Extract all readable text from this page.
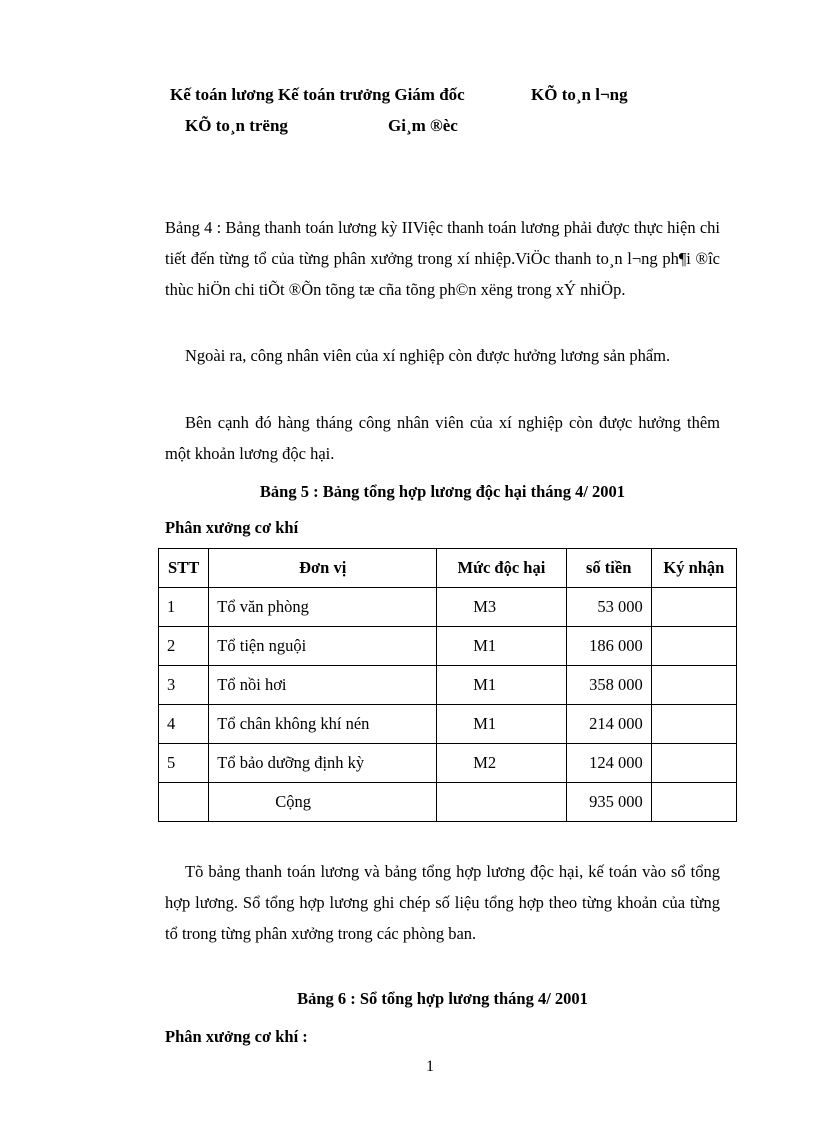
Kế toán lương Kế toán trưởng Giám đốc	KÕ to¸n l¬ng
KÕ to¸n trëng	Gi¸m ®èc
Bảng 4 : Bảng thanh toán lương kỳ IIViệc thanh toán lương phải được thực hiện chi tiết đến từng tổ của từng phân xưởng trong xí nhiệp.ViÖc thanh to¸n l¬ng ph¶i ®îc thùc hiÖn chi tiÕt ®Õn tõng tæ cña tõng ph©n xëng trong xÝ nhiÖp.
Ngoài ra, công nhân viên của xí nghiệp còn được hưởng lương sản phẩm.
Bên cạnh đó hàng tháng công nhân viên của xí nghiệp còn được hưởng thêm một khoản lương độc hại.
Bảng 5 : Bảng tổng hợp lương độc hại tháng 4/ 2001
Phân xưởng cơ khí
STT	Đơn vị	Mức độc hại	số tiền	Ký nhận
1	Tổ văn phòng	M3	53 000	
2	Tổ tiện nguội	M1	186 000	
3	Tổ nồi hơi	M1	358 000	
4	Tổ chân không khí nén	M1	214 000	
5	Tổ bảo dưỡng định kỳ	M2	124 000	
	Cộng		935 000	
Tõ bảng thanh toán lương và bảng tổng hợp lương độc hại, kế toán vào sổ tổng hợp lương. Sổ tổng hợp lương ghi chép số liệu tổng hợp theo từng khoản của từng tổ trong từng phân xưởng trong các phòng ban.
Bảng 6 : Sổ tổng hợp lương tháng 4/ 2001
Phân xưởng cơ khí :
1
